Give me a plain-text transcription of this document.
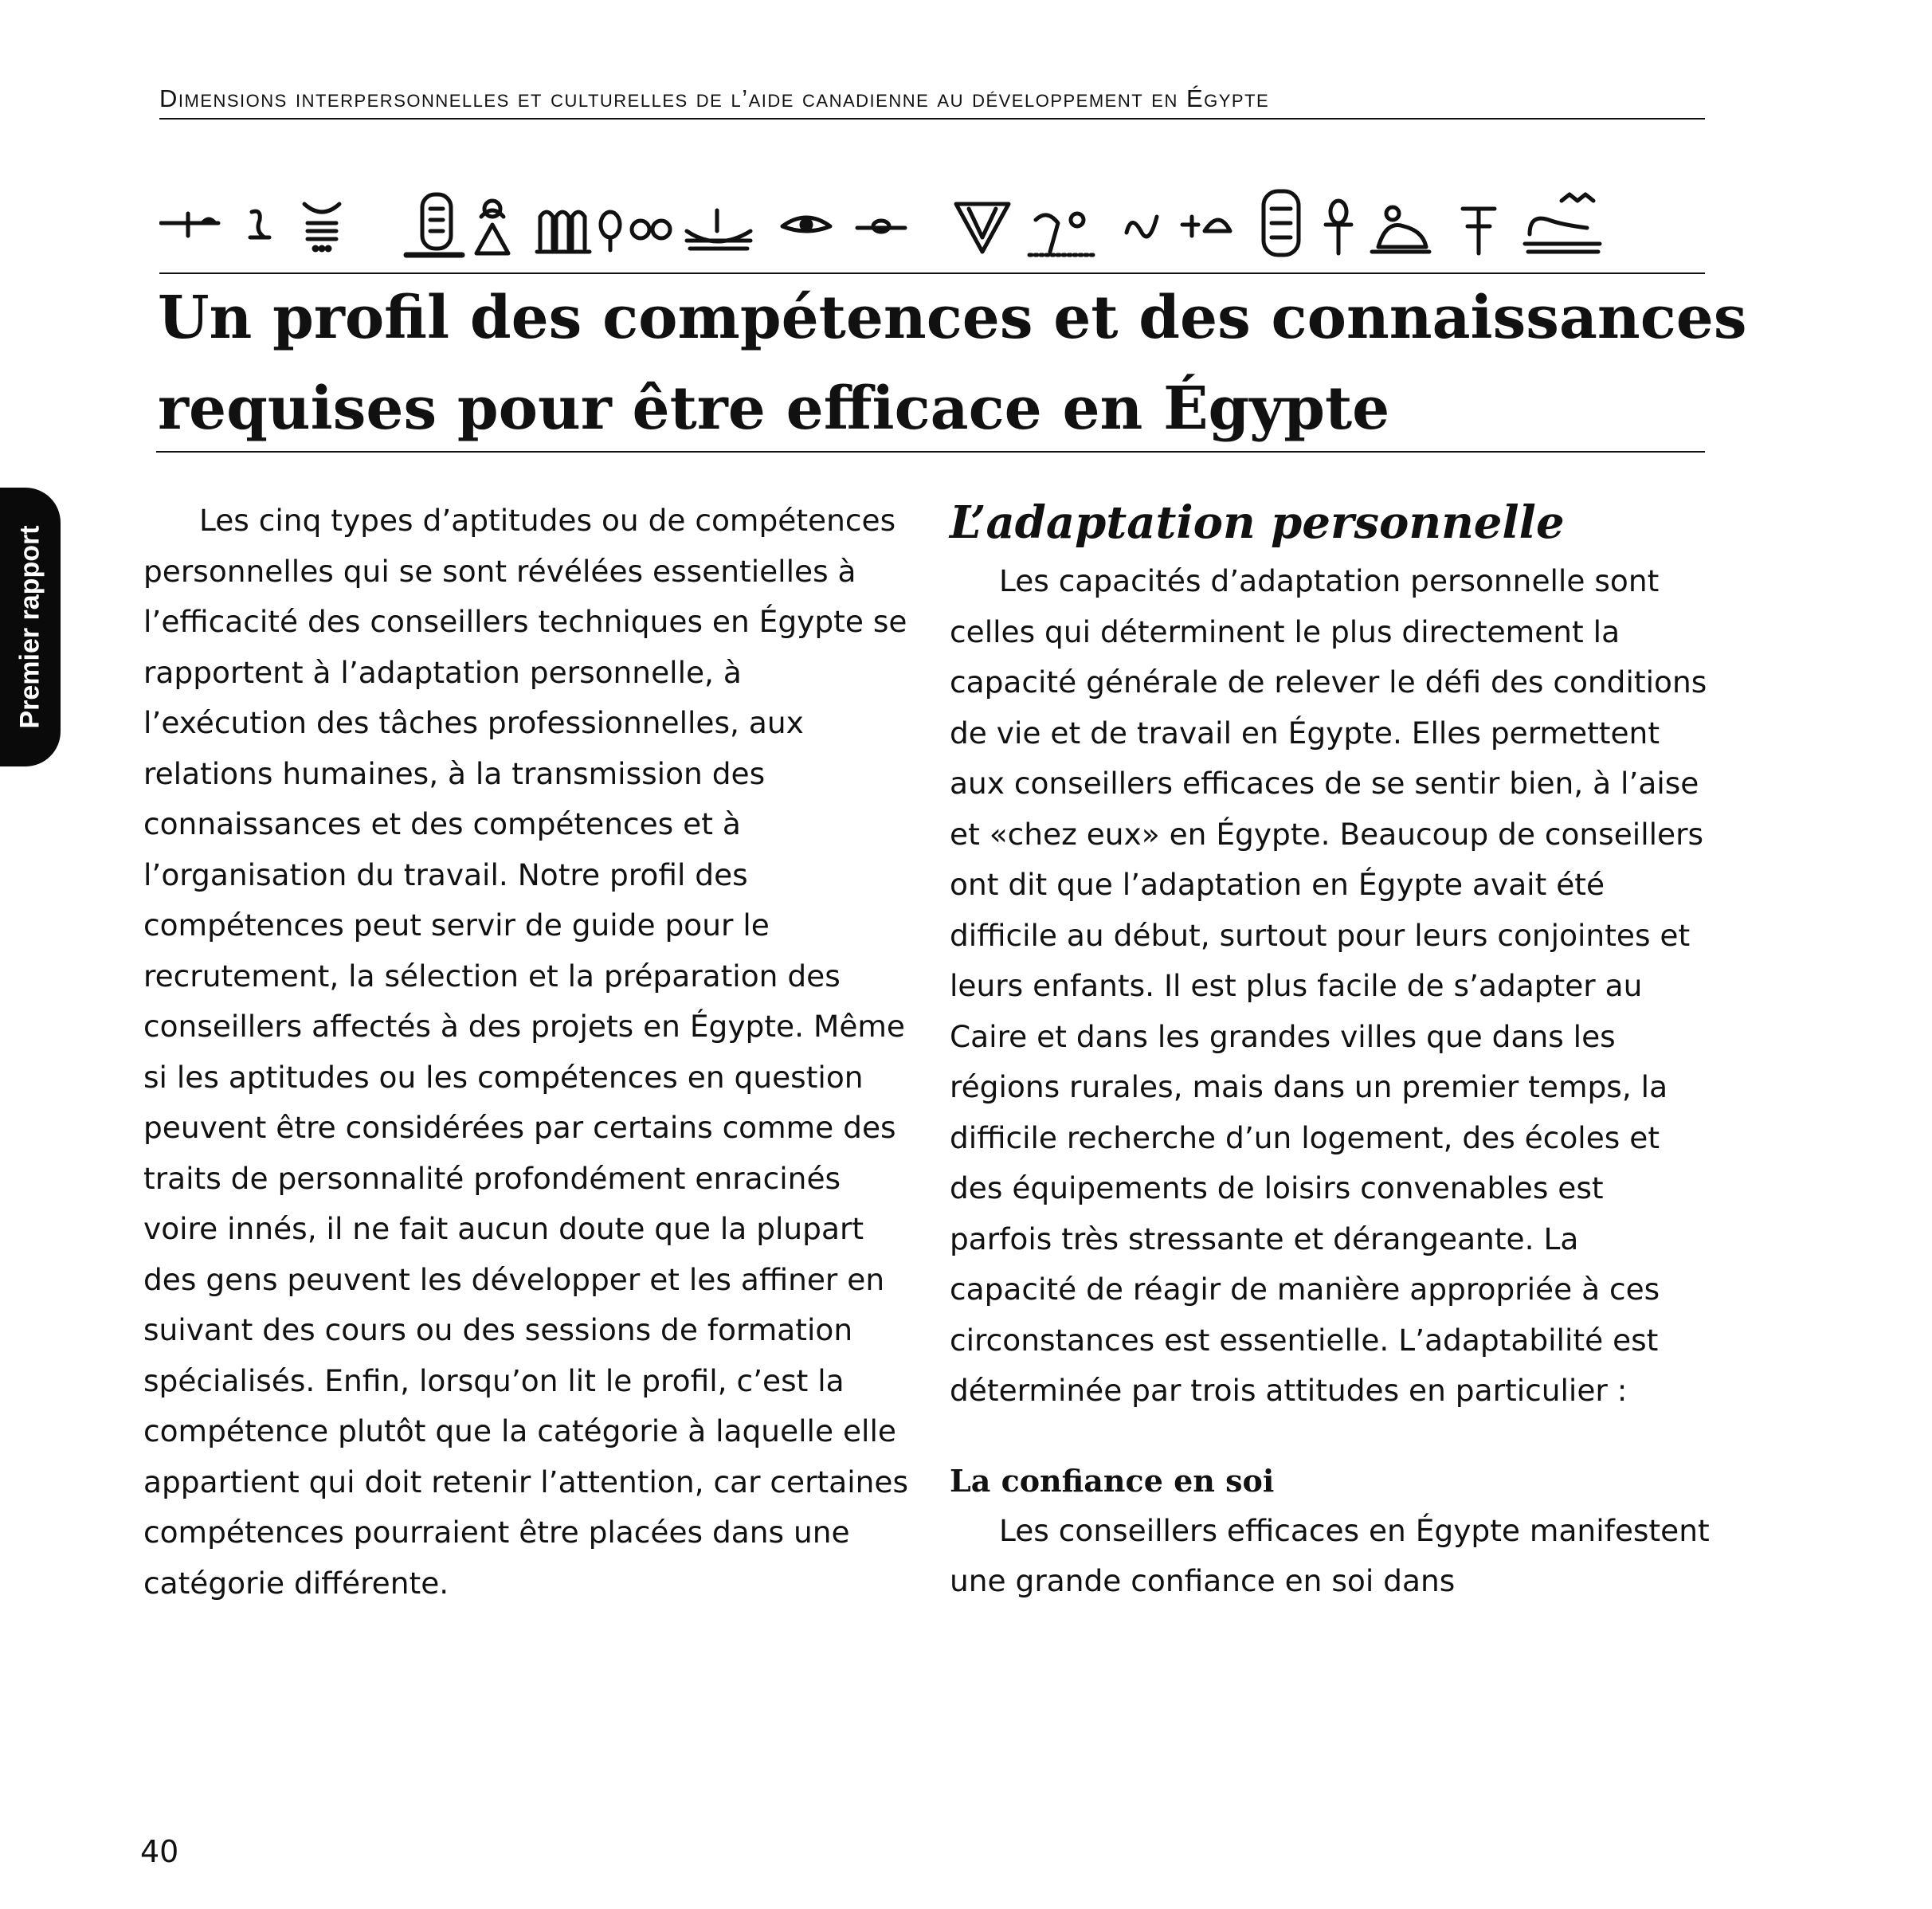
Dimensions interpersonnelles et culturelles de l’aide canadienne au développement en Égypte
Un profil des compétences et des connaissances
requises pour être efficace en Égypte
Premier rapport

Les cinq types d’aptitudes ou de compétences personnelles qui se sont révélées essentielles à l’efficacité des conseillers techniques en Égypte se rapportent à l’adaptation personnelle, à l’exécution des tâches professionnelles, aux relations humaines, à la transmission des connaissances et des compétences et à l’organisation du travail. Notre profil des compétences peut servir de guide pour le recrutement, la sélection et la préparation des conseillers affectés à des projets en Égypte. Même si les aptitudes ou les compétences en question peuvent être considérées par certains comme des traits de personnalité profondément enracinés voire innés, il ne fait aucun doute que la plupart des gens peuvent les développer et les affiner en suivant des cours ou des sessions de formation spécialisés. Enfin, lorsqu’on lit le profil, c’est la compétence plutôt que la catégorie à laquelle elle appartient qui doit retenir l’attention, car certaines compétences pourraient être placées dans une catégorie différente.

L’adaptation personnelle

Les capacités d’adaptation personnelle sont celles qui déterminent le plus directement la capacité générale de relever le défi des conditions de vie et de travail en Égypte. Elles permettent aux conseillers efficaces de se sentir bien, à l’aise et «chez eux» en Égypte. Beaucoup de conseillers ont dit que l’adaptation en Égypte avait été difficile au début, surtout pour leurs conjointes et leurs enfants. Il est plus facile de s’adapter au Caire et dans les grandes villes que dans les régions rurales, mais dans un premier temps, la difficile recherche d’un logement, des écoles et des équipements de loisirs convenables est parfois très stressante et dérangeante. La capacité de réagir de manière appropriée à ces circonstances est essentielle. L’adaptabilité est déterminée par trois attitudes en particulier :

La confiance en soi

Les conseillers efficaces en Égypte manifestent une grande confiance en soi dans

40
